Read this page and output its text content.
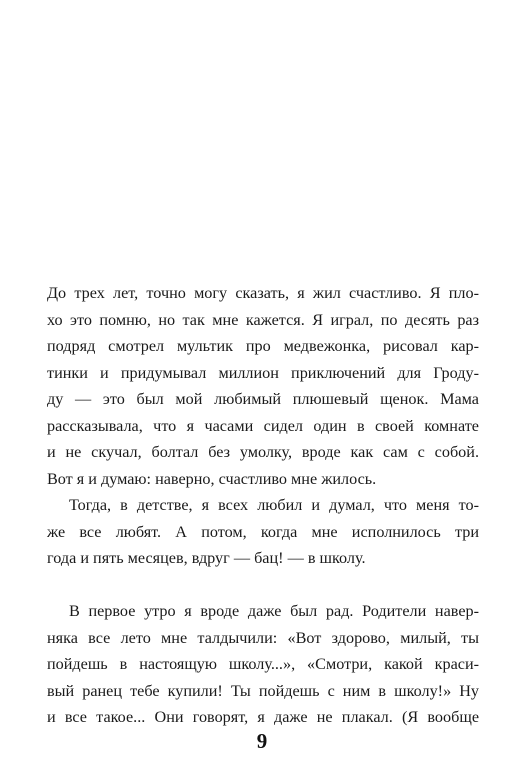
До трех лет, точно могу сказать, я жил счастливо. Я пло-
хо это помню, но так мне кажется. Я играл, по десять раз
подряд смотрел мультик про медвежонка, рисовал кар-
тинки и придумывал миллион приключений для Гроду-
ду — это был мой любимый плюшевый щенок. Мама
рассказывала, что я часами сидел один в своей комнате
и не скучал, болтал без умолку, вроде как сам с собой.
Вот я и думаю: наверно, счастливо мне жилось.
Тогда, в детстве, я всех любил и думал, что меня то-
же все любят. А потом, когда мне исполнилось три
года и пять месяцев, вдруг — бац! — в школу.
В первое утро я вроде даже был рад. Родители навер-
няка все лето мне талдычили: «Вот здорово, милый, ты
пойдешь в настоящую школу...», «Смотри, какой краси-
вый ранец тебе купили! Ты пойдешь с ним в школу!» Ну
и все такое... Они говорят, я даже не плакал. (Я вообще
9
